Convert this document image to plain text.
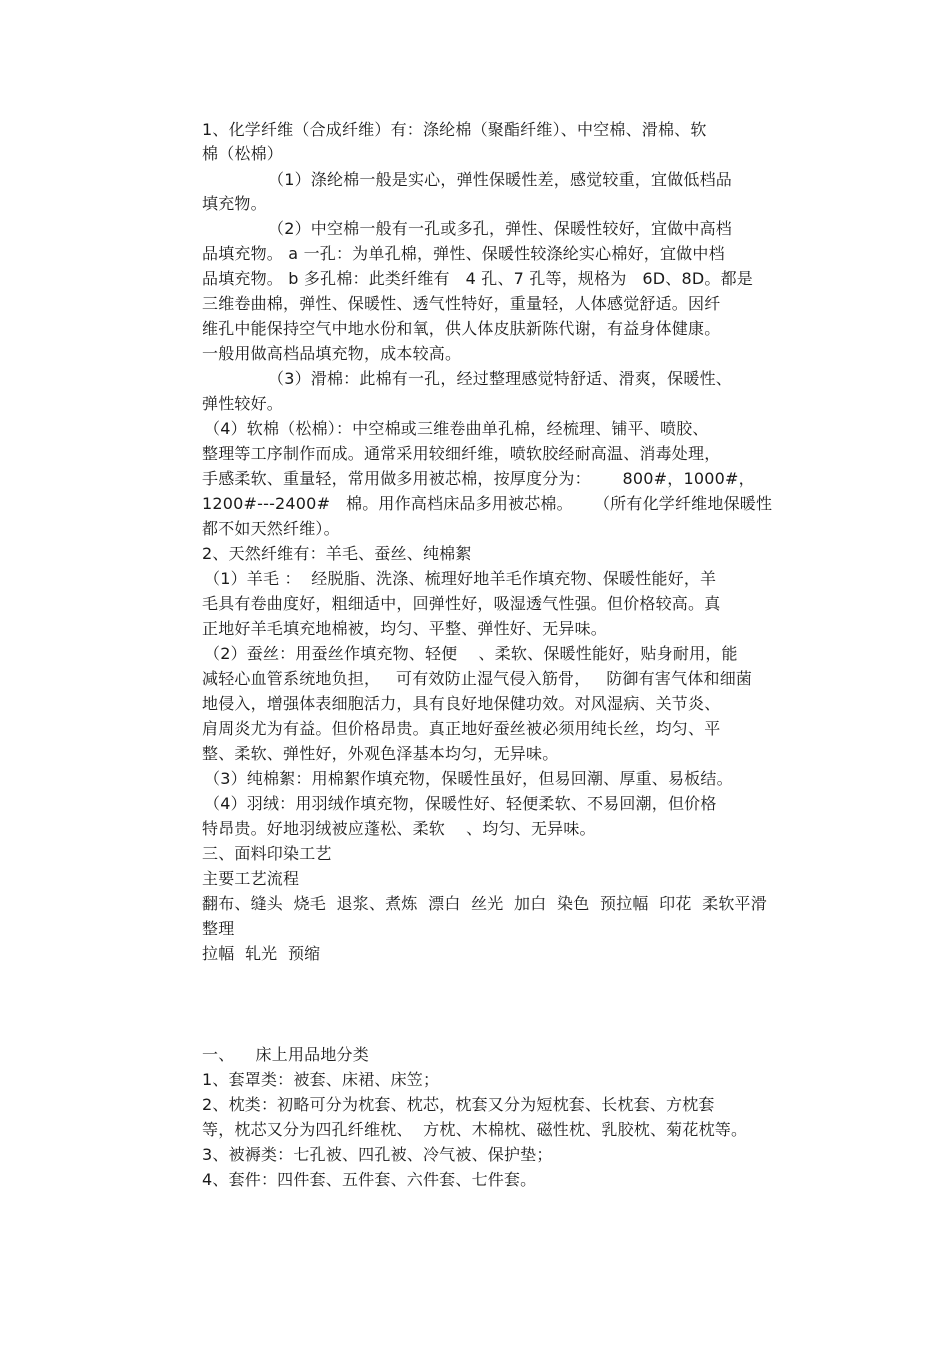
1、化学纤维（合成纤维）有：涤纶棉（聚酯纤维）、中空棉、滑棉、软
棉（松棉）
（1）涤纶棉一般是实心，弹性保暖性差，感觉较重，宜做低档品
填充物。
（2）中空棉一般有一孔或多孔，弹性、保暖性较好，宜做中高档
品填充物。 a 一孔：为单孔棉，弹性、保暖性较涤纶实心棉好，宜做中档
品填充物。 b 多孔棉：此类纤维有   4 孔、7 孔等，规格为   6D、8D。都是
三维卷曲棉，弹性、保暖性、透气性特好，重量轻，人体感觉舒适。因纤
维孔中能保持空气中地水份和氧，供人体皮肤新陈代谢，有益身体健康。
一般用做高档品填充物，成本较高。
（3）滑棉：此棉有一孔，经过整理感觉特舒适、滑爽，保暖性、
弹性较好。
（4）软棉（松棉）：中空棉或三维卷曲单孔棉，经梳理、铺平、喷胶、
整理等工序制作而成。通常采用较细纤维，喷软胶经耐高温、消毒处理，
手感柔软、重量轻，常用做多用被芯棉，按厚度分为：      800#，1000#，
1200#---2400#   棉。用作高档床品多用被芯棉。    （所有化学纤维地保暖性
都不如天然纤维）。
2、天然纤维有：羊毛、蚕丝、纯棉絮
（1）羊毛 ：  经脱脂、洗涤、梳理好地羊毛作填充物、保暖性能好，羊
毛具有卷曲度好，粗细适中，回弹性好，吸湿透气性强。但价格较高。真
正地好羊毛填充地棉被，均匀、平整、弹性好、无异味。
（2）蚕丝：用蚕丝作填充物、轻便    、柔软、保暖性能好，贴身耐用，能
减轻心血管系统地负担，   可有效防止湿气侵入筋骨，   防御有害气体和细菌
地侵入，增强体表细胞活力，具有良好地保健功效。对风湿病、关节炎、
肩周炎尤为有益。但价格昂贵。真正地好蚕丝被必须用纯长丝，均匀、平
整、柔软、弹性好，外观色泽基本均匀，无异味。
（3）纯棉絮：用棉絮作填充物，保暖性虽好，但易回潮、厚重、易板结。
（4）羽绒：用羽绒作填充物，保暖性好、轻便柔软、不易回潮，但价格
特昂贵。好地羽绒被应蓬松、柔软    、均匀、无异味。
三、面料印染工艺
主要工艺流程
翻布、缝头  烧毛  退浆、煮炼  漂白  丝光  加白  染色  预拉幅  印花  柔软平滑
整理
拉幅  轧光  预缩
一、    床上用品地分类
1、套罩类：被套、床裙、床笠；
2、枕类：初略可分为枕套、枕芯，枕套又分为短枕套、长枕套、方枕套
等，枕芯又分为四孔纤维枕、  方枕、木棉枕、磁性枕、乳胶枕、菊花枕等。
3、被褥类：七孔被、四孔被、冷气被、保护垫；
4、套件：四件套、五件套、六件套、七件套。
